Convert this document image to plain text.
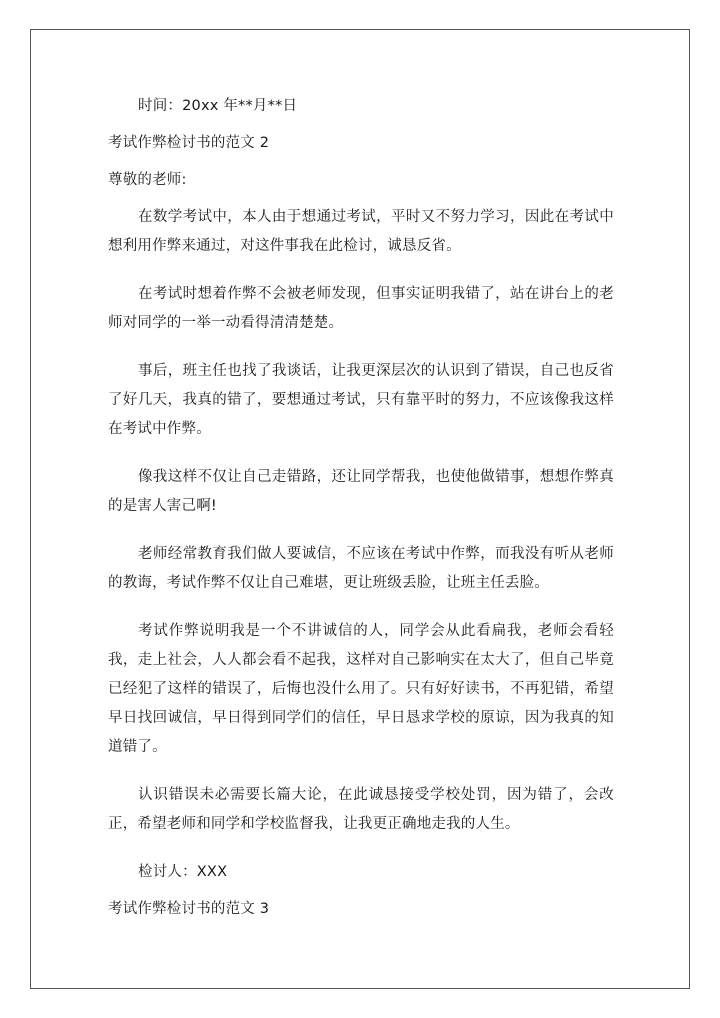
时间：20xx 年**月**日

考试作弊检讨书的范文 2

尊敬的老师:

在数学考试中，本人由于想通过考试，平时又不努力学习，因此在考试中想利用作弊来通过，对这件事我在此检讨，诚恳反省。

在考试时想着作弊不会被老师发现，但事实证明我错了，站在讲台上的老师对同学的一举一动看得清清楚楚。

事后，班主任也找了我谈话，让我更深层次的认识到了错误，自己也反省了好几天，我真的错了，要想通过考试，只有靠平时的努力，不应该像我这样在考试中作弊。

像我这样不仅让自己走错路，还让同学帮我，也使他做错事，想想作弊真的是害人害己啊!

老师经常教育我们做人要诚信，不应该在考试中作弊，而我没有听从老师的教诲，考试作弊不仅让自己难堪，更让班级丢脸，让班主任丢脸。

考试作弊说明我是一个不讲诚信的人，同学会从此看扁我，老师会看轻我，走上社会，人人都会看不起我，这样对自己影响实在太大了，但自己毕竟已经犯了这样的错误了，后悔也没什么用了。只有好好读书，不再犯错，希望早日找回诚信，早日得到同学们的信任，早日恳求学校的原谅，因为我真的知道错了。

认识错误未必需要长篇大论，在此诚恳接受学校处罚，因为错了，会改正，希望老师和同学和学校监督我，让我更正确地走我的人生。

检讨人：XXX

考试作弊检讨书的范文 3
